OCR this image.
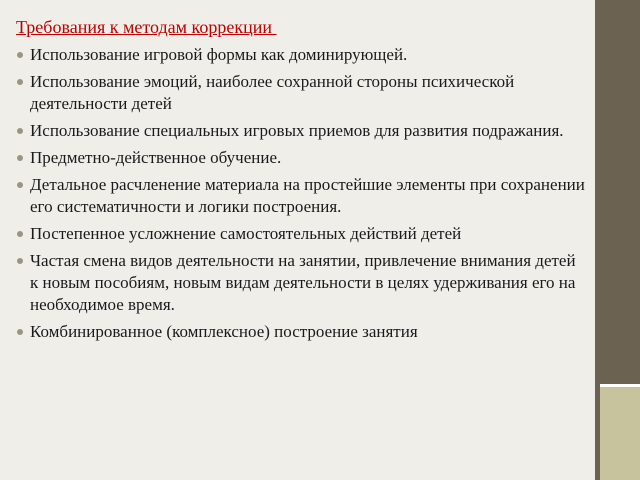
Требования к методам коррекции
Использование игровой формы как доминирующей.
Использование эмоций, наиболее сохранной стороны психической деятельности детей
Использование специальных игровых приемов для развития подражания.
Предметно-действенное обучение.
Детальное расчленение материала на простейшие элементы при сохранении его систематичности и логики построения.
Постепенное усложнение самостоятельных действий детей
Частая смена видов деятельности на занятии, привлечение внимания детей к новым пособиям, новым видам деятельности в целях удерживания его на необходимое время.
Комбинированное (комплексное) построение занятия
